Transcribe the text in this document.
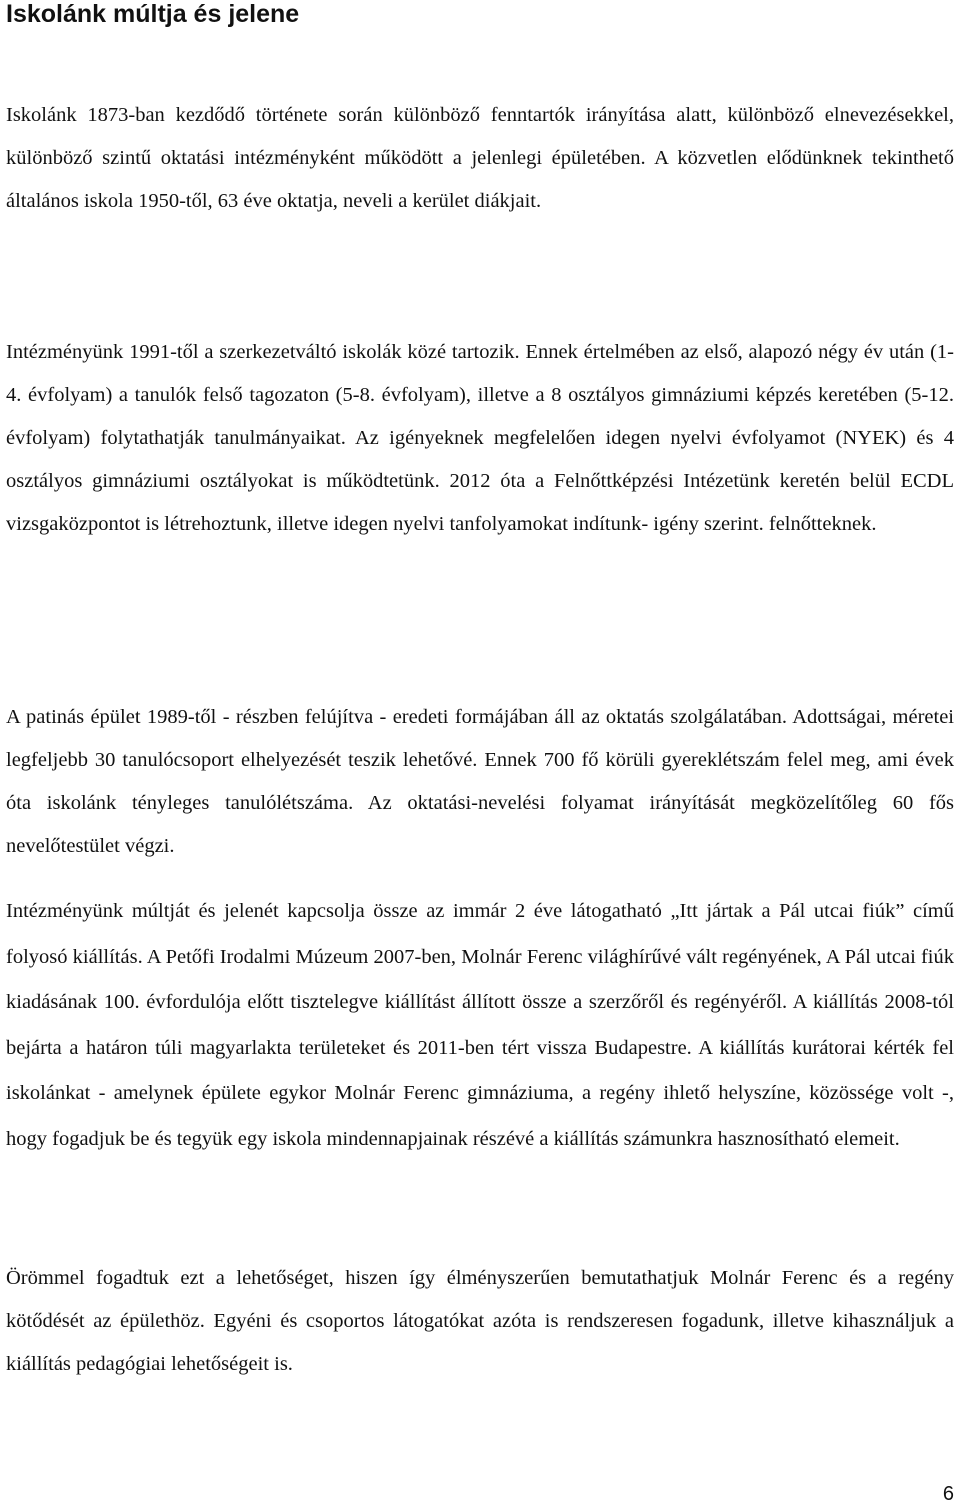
Iskolánk múltja és jelene

Iskolánk 1873-ban kezdődő története során különböző fenntartók irányítása alatt, különböző elnevezésekkel, különböző szintű oktatási intézményként működött a jelenlegi épületében. A közvetlen elődünknek tekinthető általános iskola 1950-től, 63 éve oktatja, neveli a kerület diákjait.

Intézményünk 1991-től a szerkezetváltó iskolák közé tartozik. Ennek értelmében az első, alapozó négy év után (1-4. évfolyam) a tanulók felső tagozaton (5-8. évfolyam), illetve a 8 osztályos gimnáziumi képzés keretében (5-12. évfolyam) folytathatják tanulmányaikat. Az igényeknek megfelelően idegen nyelvi évfolyamot (NYEK) és 4 osztályos gimnáziumi osztályokat is működtetünk. 2012 óta a Felnőttképzési Intézetünk keretén belül ECDL vizsgaközpontot is létrehoztunk, illetve idegen nyelvi tanfolyamokat indítunk- igény szerint. felnőtteknek.

A patinás épület 1989-től - részben felújítva - eredeti formájában áll az oktatás szolgálatában. Adottságai, méretei legfeljebb 30 tanulócsoport elhelyezését teszik lehetővé. Ennek 700 fő körüli gyereklétszám felel meg, ami évek óta iskolánk tényleges tanulólétszáma. Az oktatási-nevelési folyamat irányítását megközelítőleg 60 fős nevelőtestület végzi.

Intézményünk múltját és jelenét kapcsolja össze az immár 2 éve látogatható „Itt jártak a Pál utcai fiúk” című folyosó kiállítás. A Petőfi Irodalmi Múzeum 2007-ben, Molnár Ferenc világhírűvé vált regényének, A Pál utcai fiúk kiadásának 100. évfordulója előtt tisztelegve kiállítást állított össze a szerzőről és regényéről. A kiállítás 2008-tól bejárta a határon túli magyarlakta területeket és 2011-ben tért vissza Budapestre. A kiállítás kurátorai kérték fel iskolánkat - amelynek épülete egykor Molnár Ferenc gimnáziuma, a regény ihlető helyszíne, közössége volt -, hogy fogadjuk be és tegyük egy iskola mindennapjainak részévé a kiállítás számunkra hasznosítható elemeit.

Örömmel fogadtuk ezt a lehetőséget, hiszen így élményszerűen bemutathatjuk Molnár Ferenc és a regény kötődését az épülethöz. Egyéni és csoportos látogatókat azóta is rendszeresen fogadunk, illetve kihasználjuk a kiállítás pedagógiai lehetőségeit is.

6
